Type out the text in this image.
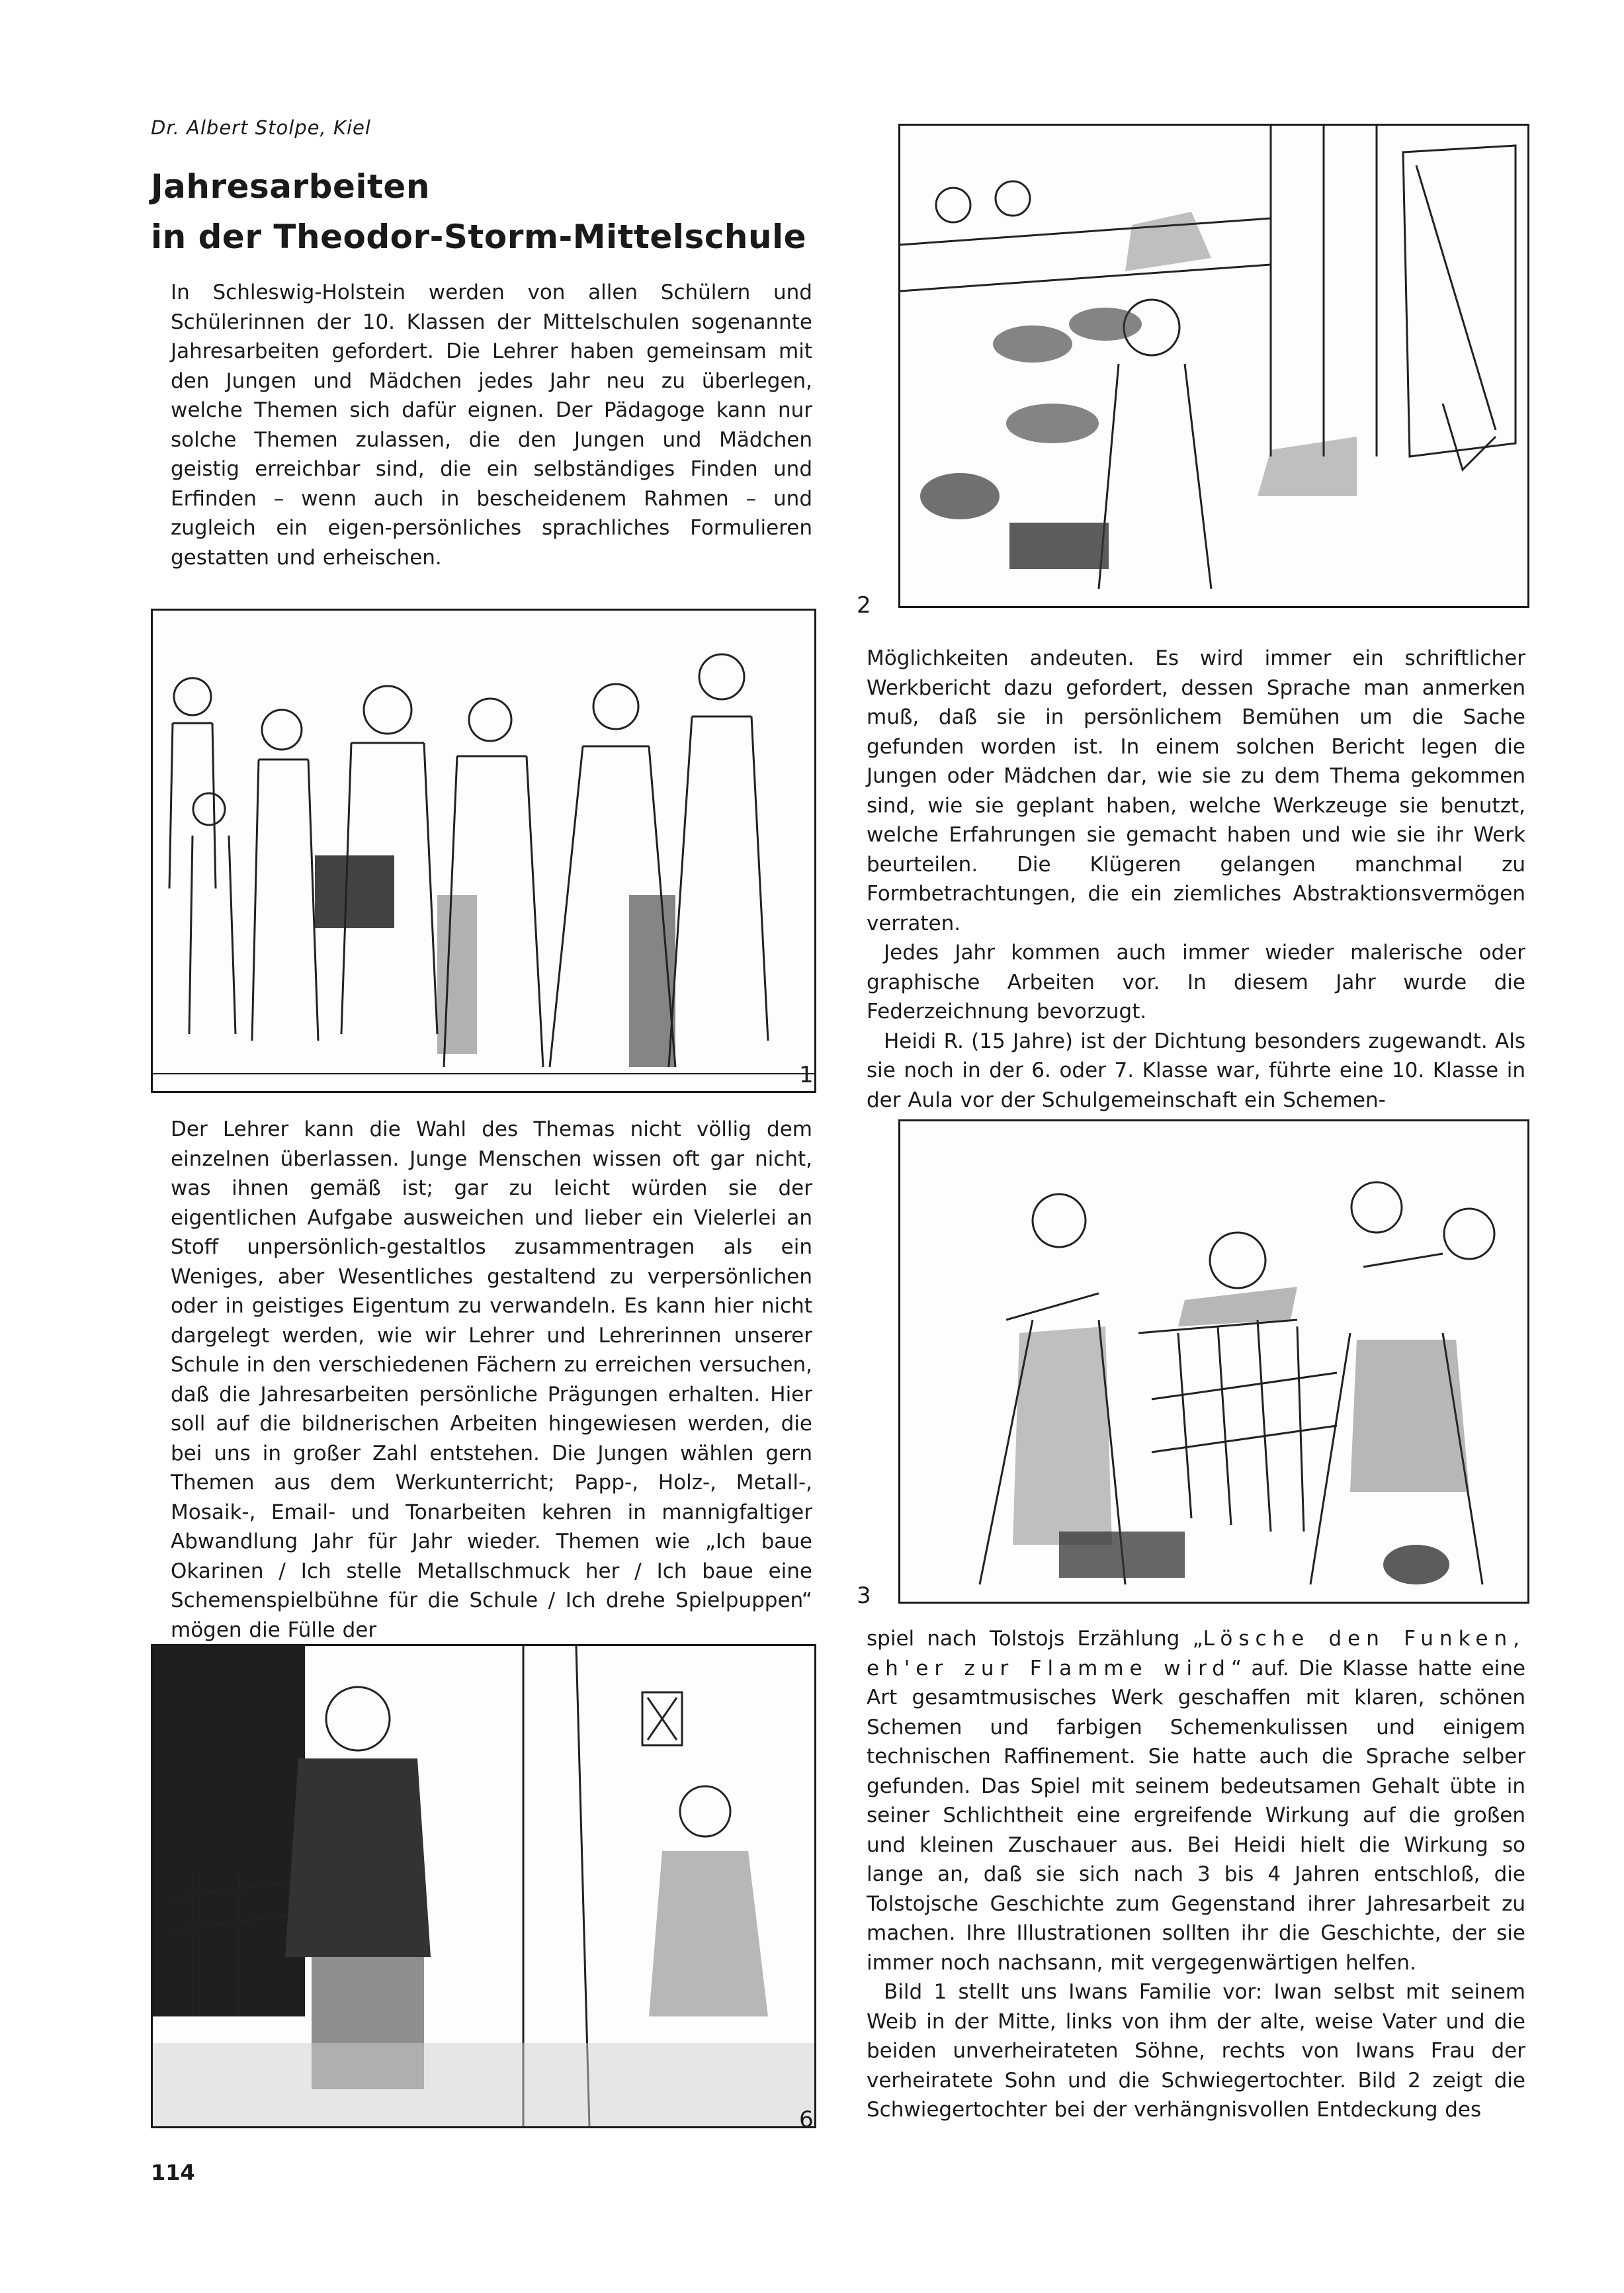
Dr. Albert Stolpe, Kiel
Jahresarbeiten
in der Theodor-Storm-Mittelschule

In Schleswig-Holstein werden von allen Schülern und Schülerinnen der 10. Klassen der Mittelschulen sogenannte Jahresarbeiten gefordert. Die Lehrer haben gemeinsam mit den Jungen und Mädchen jedes Jahr neu zu überlegen, welche Themen sich dafür eignen. Der Pädagoge kann nur solche Themen zulassen, die den Jungen und Mädchen geistig erreichbar sind, die ein selbständiges Finden und Erfinden – wenn auch in bescheidenem Rahmen – und zugleich ein eigen-persönliches sprachliches Formulieren gestatten und erheischen.

1

Der Lehrer kann die Wahl des Themas nicht völlig dem einzelnen überlassen. Junge Menschen wissen oft gar nicht, was ihnen gemäß ist; gar zu leicht würden sie der eigentlichen Aufgabe ausweichen und lieber ein Vielerlei an Stoff unpersönlich-gestaltlos zusammentragen als ein Weniges, aber Wesentliches gestaltend zu verpersönlichen oder in geistiges Eigentum zu verwandeln. Es kann hier nicht dargelegt werden, wie wir Lehrer und Lehrerinnen unserer Schule in den verschiedenen Fächern zu erreichen versuchen, daß die Jahresarbeiten persönliche Prägungen erhalten. Hier soll auf die bildnerischen Arbeiten hingewiesen werden, die bei uns in großer Zahl entstehen. Die Jungen wählen gern Themen aus dem Werkunterricht; Papp-, Holz-, Metall-, Mosaik-, Email- und Tonarbeiten kehren in mannigfaltiger Abwandlung Jahr für Jahr wieder. Themen wie „Ich baue Okarinen / Ich stelle Metallschmuck her / Ich baue eine Schemenspielbühne für die Schule / Ich drehe Spielpuppen“ mögen die Fülle der

6
2

Möglichkeiten andeuten. Es wird immer ein schriftlicher Werkbericht dazu gefordert, dessen Sprache man anmerken muß, daß sie in persönlichem Bemühen um die Sache gefunden worden ist. In einem solchen Bericht legen die Jungen oder Mädchen dar, wie sie zu dem Thema gekommen sind, wie sie geplant haben, welche Werkzeuge sie benutzt, welche Erfahrungen sie gemacht haben und wie sie ihr Werk beurteilen. Die Klügeren gelangen manchmal zu Formbetrachtungen, die ein ziemliches Abstraktionsvermögen verraten.

Jedes Jahr kommen auch immer wieder malerische oder graphische Arbeiten vor. In diesem Jahr wurde die Federzeichnung bevorzugt.

Heidi R. (15 Jahre) ist der Dichtung besonders zugewandt. Als sie noch in der 6. oder 7. Klasse war, führte eine 10. Klasse in der Aula vor der Schulgemeinschaft ein Schemen-

3

spiel nach Tolstojs Erzählung „Lösche den Funken, eh'er zur Flamme wird“ auf. Die Klasse hatte eine Art gesamtmusisches Werk geschaffen mit klaren, schönen Schemen und farbigen Schemenkulissen und einigem technischen Raffinement. Sie hatte auch die Sprache selber gefunden. Das Spiel mit seinem bedeutsamen Gehalt übte in seiner Schlichtheit eine ergreifende Wirkung auf die großen und kleinen Zuschauer aus. Bei Heidi hielt die Wirkung so lange an, daß sie sich nach 3 bis 4 Jahren entschloß, die Tolstojsche Geschichte zum Gegenstand ihrer Jahresarbeit zu machen. Ihre Illustrationen sollten ihr die Geschichte, der sie immer noch nachsann, mit vergegenwärtigen helfen.

Bild 1 stellt uns Iwans Familie vor: Iwan selbst mit seinem Weib in der Mitte, links von ihm der alte, weise Vater und die beiden unverheirateten Söhne, rechts von Iwans Frau der verheiratete Sohn und die Schwiegertochter. Bild 2 zeigt die Schwiegertochter bei der verhängnisvollen Entdeckung des

114
